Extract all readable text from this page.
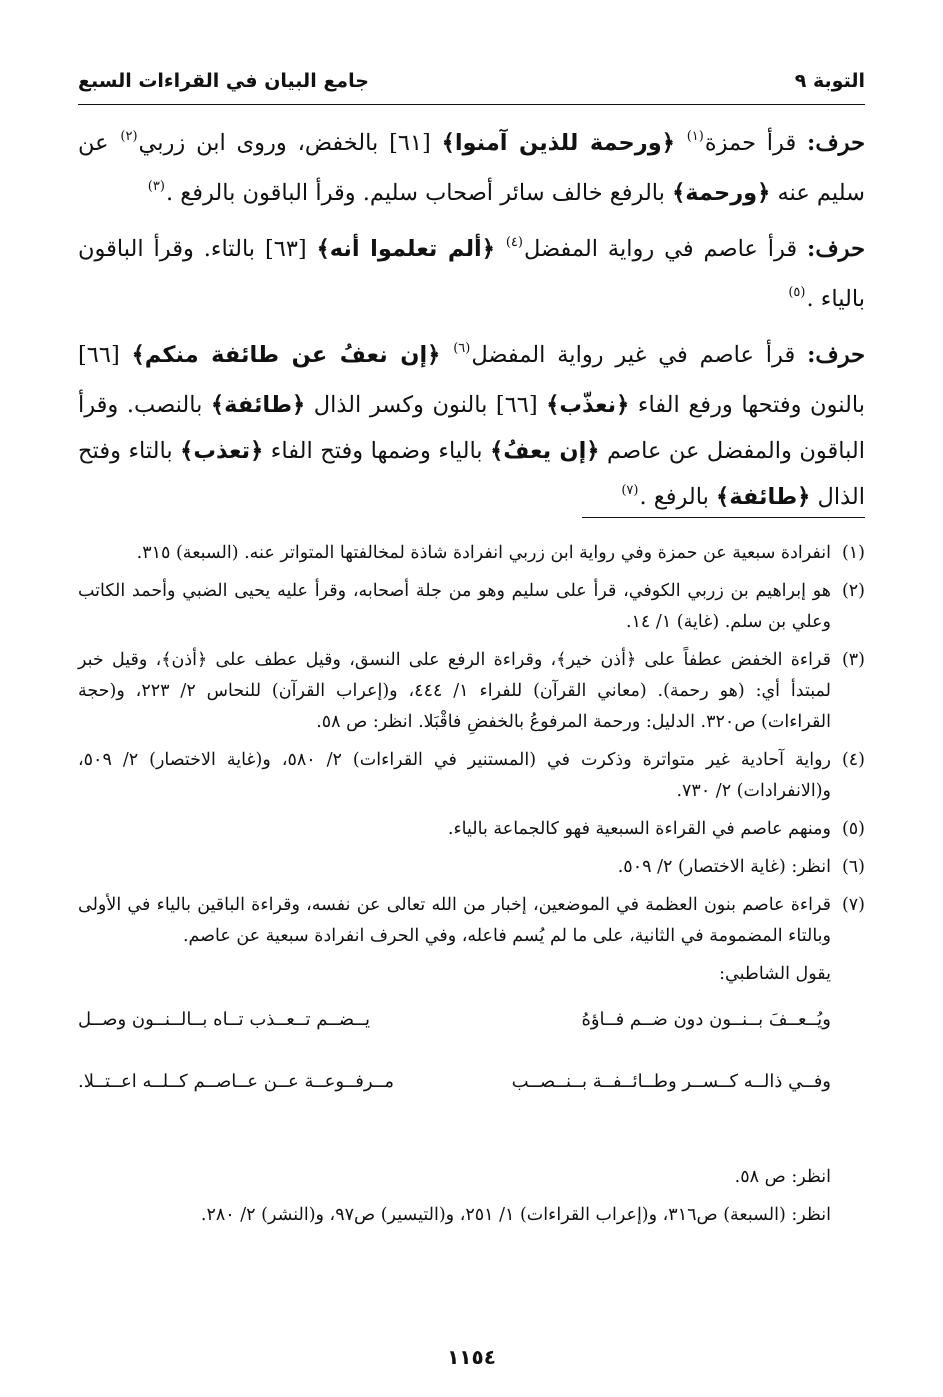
التوبة ٩
جامع البيان في القراءات السبع

حرف: قرأ حمزة$^{(١)}$ ﴿ورحمة للذين آمنوا﴾ [٦١] بالخفض، وروى ابن زربي$^{(٢)}$ عن سليم عنه ﴿ورحمة﴾ بالرفع خالف سائر أصحاب سليم. وقرأ الباقون بالرفع .$^{(٣)}$

حرف: قرأ عاصم في رواية المفضل$^{(٤)}$ ﴿ألم تعلموا أنه﴾ [٦٣] بالتاء. وقرأ الباقون بالياء .$^{(٥)}$

حرف: قرأ عاصم في غير رواية المفضل$^{(٦)}$ ﴿إن نعفُ عن طائفة منكم﴾ [٦٦] بالنون وفتحها ورفع الفاء ﴿نعذّب﴾ [٦٦] بالنون وكسر الذال ﴿طائفة﴾ بالنصب. وقرأ الباقون والمفضل عن عاصم ﴿إن يعفُ﴾ بالياء وضمها وفتح الفاء ﴿تعذب﴾ بالتاء وفتح الذال ﴿طائفة﴾ بالرفع .$^{(٧)}$

(١)
انفرادة سبعية عن حمزة وفي رواية ابن زربي انفرادة شاذة لمخالفتها المتواتر عنه. (السبعة) ٣١٥.
(٢)
هو إبراهيم بن زربي الكوفي، قرأ على سليم وهو من جلة أصحابه، وقرأ عليه يحيى الضبي وأحمد الكاتب وعلي بن سلم. (غاية) ١/ ١٤.
(٣)
قراءة الخفض عطفاً على ﴿أذن خير﴾، وقراءة الرفع على النسق، وقيل عطف على ﴿أذن﴾، وقيل خبر لمبتدأ أي: (هو رحمة). (معاني القرآن) للفراء ١/ ٤٤٤، و(إعراب القرآن) للنحاس ٢/ ٢٢٣، و(حجة القراءات) ص٣٢٠. الدليل: ورحمة المرفوعُ بالخفضِ فاقْبَلا. انظر: ص ٥٨.
(٤)
رواية آحادية غير متواترة وذكرت في (المستنير في القراءات) ٢/ ٥٨٠، و(غاية الاختصار) ٢/ ٥٠٩، و(الانفرادات) ٢/ ٧٣٠.
(٥)
ومنهم عاصم في القراءة السبعية فهو كالجماعة بالياء.
(٦)
انظر: (غاية الاختصار) ٢/ ٥٠٩.
(٧)
قراءة عاصم بنون العظمة في الموضعين، إخبار من الله تعالى عن نفسه، وقراءة الباقين بالياء في الأولى وبالتاء المضمومة في الثانية، على ما لم يُسم فاعله، وفي الحرف انفرادة سبعية عن عاصم.
يقول الشاطبي:
ويُــعــفَ بــنــون دون ضــم فــاؤهُ
يــضــم تــعــذب تــاه بــالــنــون وصــل
وفــي ذالــه كــســر وطــائــفــة بــنــصــب
مــرفــوعــة عــن عــاصــم كــلــه اعــتــلا.
انظر: ص ٥٨.
انظر: (السبعة) ص٣١٦، و(إعراب القراءات) ١/ ٢٥١، و(التيسير) ص٩٧، و(النشر) ٢/ ٢٨٠.
١١٥٤
